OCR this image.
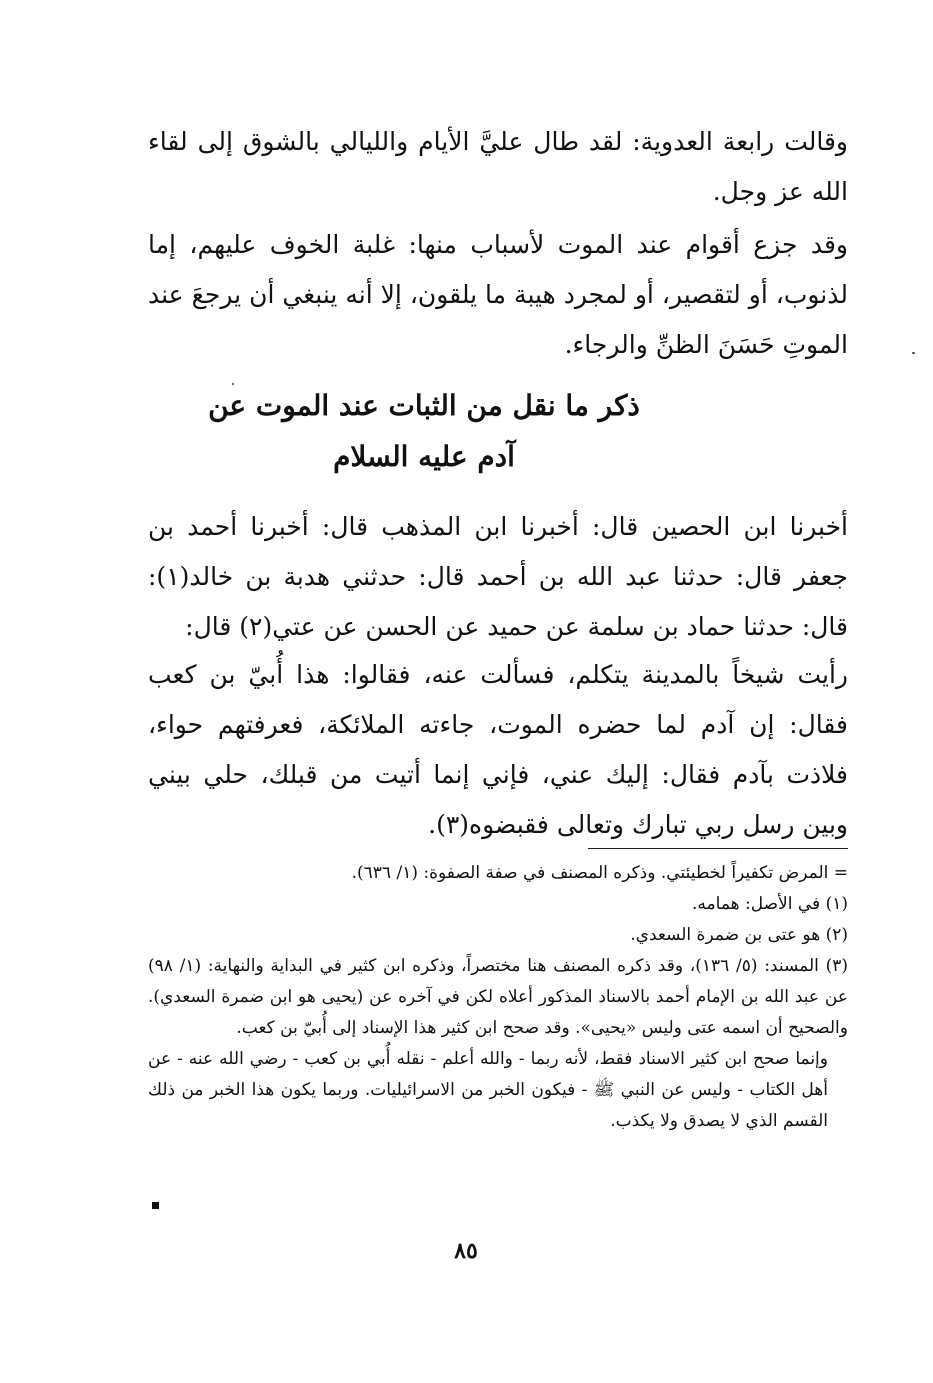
وقالت رابعة العدوية: لقد طال عليَّ الأيام والليالي بالشوق إلى لقاء الله عز وجل.

وقد جزع أقوام عند الموت لأسباب منها: غلبة الخوف عليهم، إما لذنوب، أو لتقصير، أو لمجرد هيبة ما يلقون، إلا أنه ينبغي أن يرجعَ عند الموتِ حَسَنَ الظنِّ والرجاء.

ذكر ما نقل من الثبات عند الموت عن
آدم عليه السلام

أخبرنا ابن الحصين قال: أخبرنا ابن المذهب قال: أخبرنا أحمد بن جعفر قال: حدثنا عبد الله بن أحمد قال: حدثني هدبة بن خالد(١): قال: حدثنا حماد بن سلمة عن حميد عن الحسن عن عتي(٢) قال:

رأيت شيخاً بالمدينة يتكلم، فسألت عنه، فقالوا: هذا أُبيّ بن كعب فقال: إن آدم لما حضره الموت، جاءته الملائكة، فعرفتهم حواء، فلاذت بآدم فقال: إليك عني، فإني إنما أتيت من قبلك، حلي بيني وبين رسل ربي تبارك وتعالى فقبضوه(٣).

= المرض تكفيراً لخطيئتي. وذكره المصنف في صفة الصفوة: (١/ ٦٣٦).
(١) في الأصل: همامه.
(٢) هو عتى بن ضمرة السعدي.
(٣) المسند: (٥/ ١٣٦)، وقد ذكره المصنف هنا مختصراً، وذكره ابن كثير في البداية والنهاية: (١/ ٩٨) عن عبد الله بن الإمام أحمد بالاسناد المذكور أعلاه لكن في آخره عن (يحيى هو ابن ضمرة السعدي). والصحيح أن اسمه عتى وليس «يحيى». وقد صحح ابن كثير هذا الإسناد إلى أُبيّ بن كعب.
وإنما صحح ابن كثير الاسناد فقط، لأنه ربما - والله أعلم - نقله أُبي بن كعب - رضي الله عنه - عن أهل الكتاب - وليس عن النبي ﷺ - فيكون الخبر من الاسرائيليات. وربما يكون هذا الخبر من ذلك القسم الذي لا يصدق ولا يكذب.
٨٥
